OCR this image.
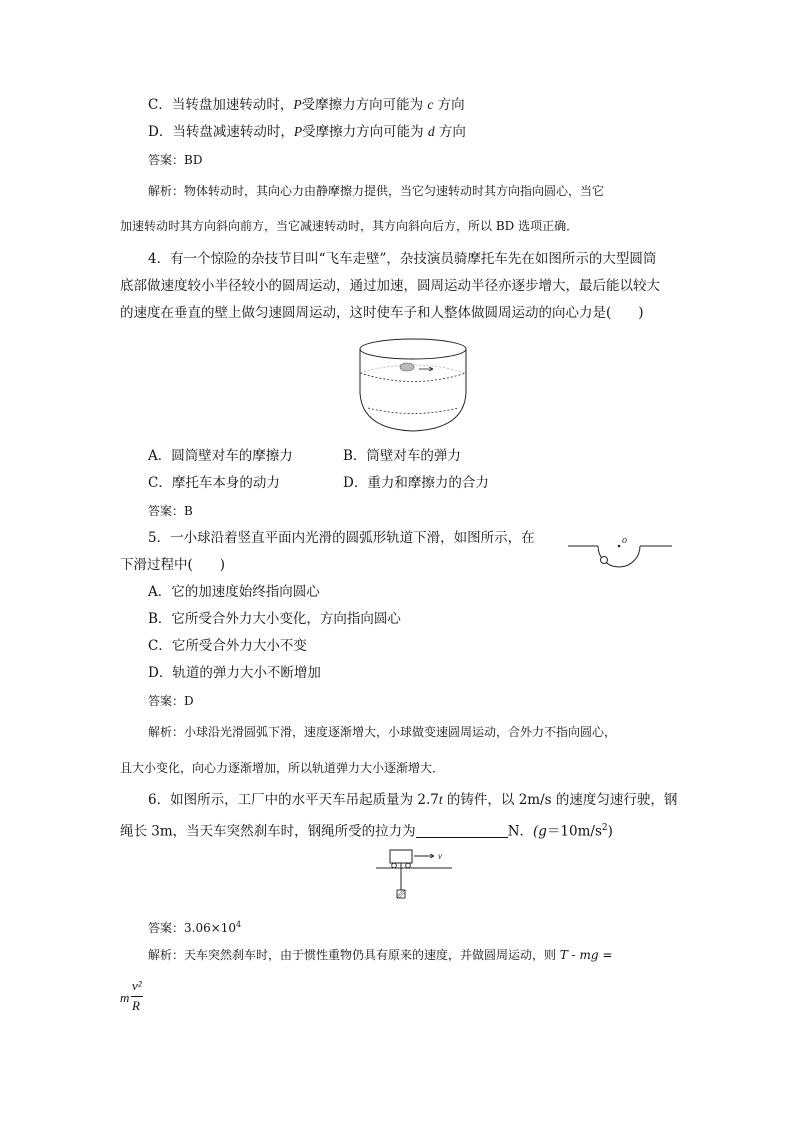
C．当转盘加速转动时，P受摩擦力方向可能为 c 方向
D．当转盘减速转动时，P受摩擦力方向可能为 d 方向
答案：BD
解析：物体转动时，其向心力由静摩擦力提供，当它匀速转动时其方向指向圆心，当它
加速转动时其方向斜向前方，当它减速转动时，其方向斜向后方，所以 BD 选项正确．
4．有一个惊险的杂技节目叫“飞车走壁”，杂技演员骑摩托车先在如图所示的大型圆筒
底部做速度较小半径较小的圆周运动，通过加速，圆周运动半径亦逐步增大，最后能以较大
的速度在垂直的壁上做匀速圆周运动，这时使车子和人整体做圆周运动的向心力是(　　)
A．圆筒壁对车的摩擦力	B．筒壁对车的弹力
C．摩托车本身的动力	D．重力和摩擦力的合力
答案：B
5．一小球沿着竖直平面内光滑的圆弧形轨道下滑，如图所示，在
下滑过程中(　　)
o
A．它的加速度始终指向圆心
B．它所受合外力大小变化，方向指向圆心
C．它所受合外力大小不变
D．轨道的弹力大小不断增加
答案：D
解析：小球沿光滑圆弧下滑，速度逐渐增大，小球做变速圆周运动，合外力不指向圆心，
且大小变化，向心力逐渐增加，所以轨道弹力大小逐渐增大．
6．如图所示，工厂中的水平天车吊起质量为 2.7t 的铸件，以 2m/s 的速度匀速行驶，钢
绳长 3m，当天车突然刹车时，钢绳所受的拉力为	N．$(g=10m/s^2)$
v
答案：$3.06\times 10^4$
解析：天车突然刹车时，由于惯性重物仍具有原来的速度，并做圆周运动，则 T - mg =
m
v²
R
